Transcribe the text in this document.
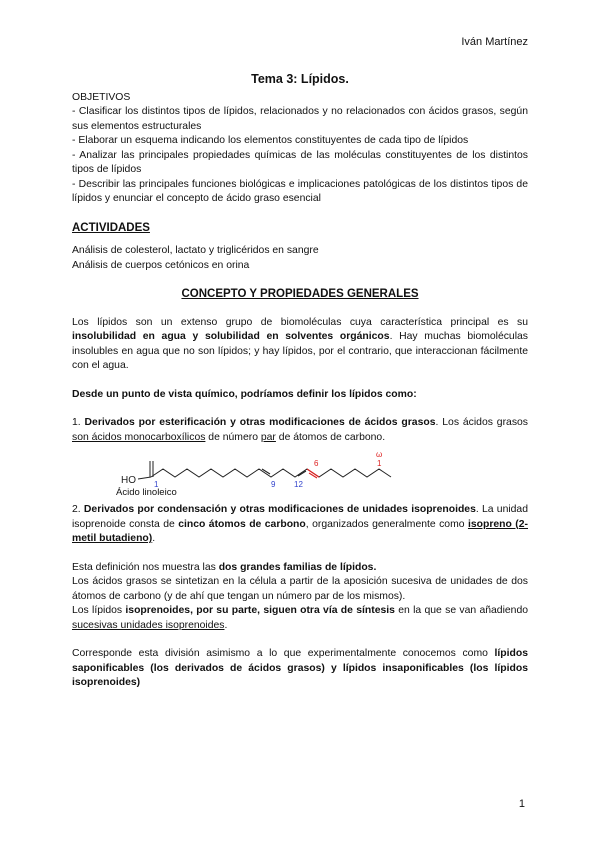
Iván Martínez
Tema 3: Lípidos.
OBJETIVOS
- Clasificar los distintos tipos de lípidos, relacionados y no relacionados con ácidos grasos, según sus elementos estructurales
- Elaborar un esquema indicando los elementos constituyentes de cada tipo de lípidos
- Analizar las principales propiedades químicas de las moléculas constituyentes de los distintos tipos de lípidos
- Describir las principales funciones biológicas e implicaciones patológicas de los distintos tipos de lípidos y enunciar el concepto de ácido graso esencial
ACTIVIDADES
Análisis de colesterol, lactato y triglicéridos en sangre
Análisis de cuerpos cetónicos en orina
CONCEPTO Y PROPIEDADES GENERALES

Los lípidos son un extenso grupo de biomoléculas cuya característica principal es su insolubilidad en agua y solubilidad en solventes orgánicos. Hay muchas biomoléculas insolubles en agua que no son lípidos; y hay lípidos, por el contrario, que interaccionan fácilmente con el agua.

Desde un punto de vista químico, podríamos definir los lípidos como:

1. Derivados por esterificación y otras modificaciones de ácidos grasos. Los ácidos grasos son ácidos monocarboxílicos de número par de átomos de carbono.

HO 1	9 12
6
ω
1
Ácido linoleico

2. Derivados por condensación y otras modificaciones de unidades isoprenoides. La unidad isoprenoide consta de cinco átomos de carbono, organizados generalmente como isopreno (2-metil butadieno).

Esta definición nos muestra las dos grandes familias de lípidos.

Los ácidos grasos se sintetizan en la célula a partir de la aposición sucesiva de unidades de dos átomos de carbono (y de ahí que tengan un número par de los mismos).

Los lípidos isoprenoides, por su parte, siguen otra vía de síntesis en la que se van añadiendo sucesivas unidades isoprenoides.

Corresponde esta división asimismo a lo que experimentalmente conocemos como lípidos saponificables (los derivados de ácidos grasos) y lípidos insaponificables (los lípidos isoprenoides)

1
